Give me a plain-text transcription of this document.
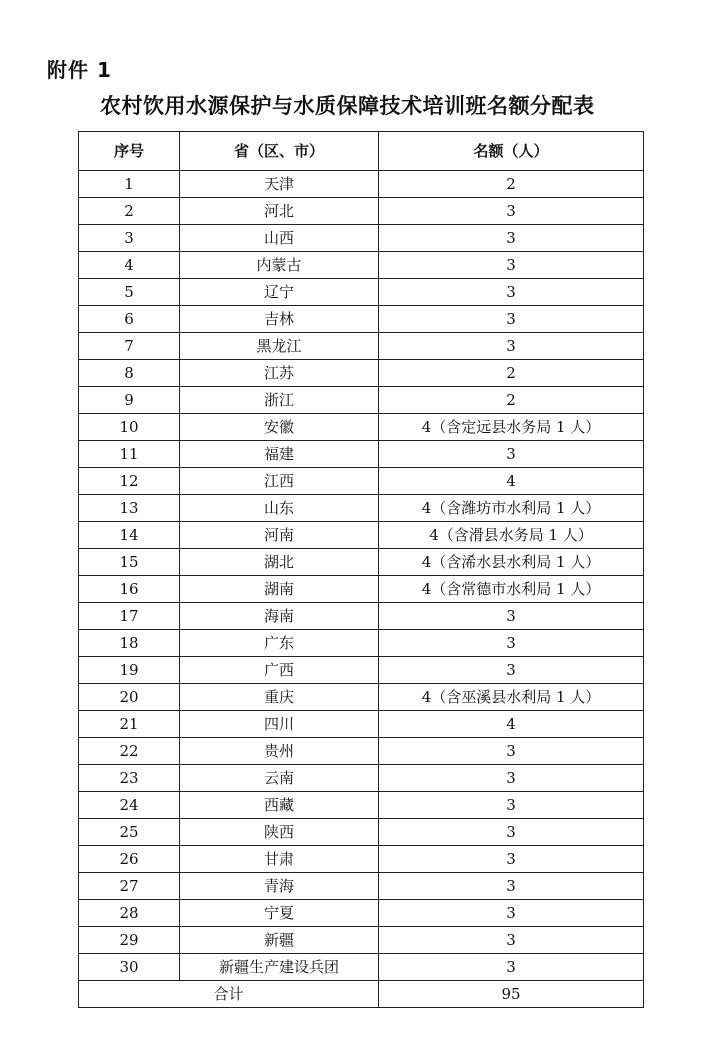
附件 1
农村饮用水源保护与水质保障技术培训班名额分配表
序号	省（区、市）	名额（人）
1	天津	2
2	河北	3
3	山西	3
4	内蒙古	3
5	辽宁	3
6	吉林	3
7	黑龙江	3
8	江苏	2
9	浙江	2
10	安徽	4（含定远县水务局 1 人）
11	福建	3
12	江西	4
13	山东	4（含潍坊市水利局 1 人）
14	河南	4（含滑县水务局 1 人）
15	湖北	4（含浠水县水利局 1 人）
16	湖南	4（含常德市水利局 1 人）
17	海南	3
18	广东	3
19	广西	3
20	重庆	4（含巫溪县水利局 1 人）
21	四川	4
22	贵州	3
23	云南	3
24	西藏	3
25	陕西	3
26	甘肃	3
27	青海	3
28	宁夏	3
29	新疆	3
30	新疆生产建设兵团	3
合计		95
